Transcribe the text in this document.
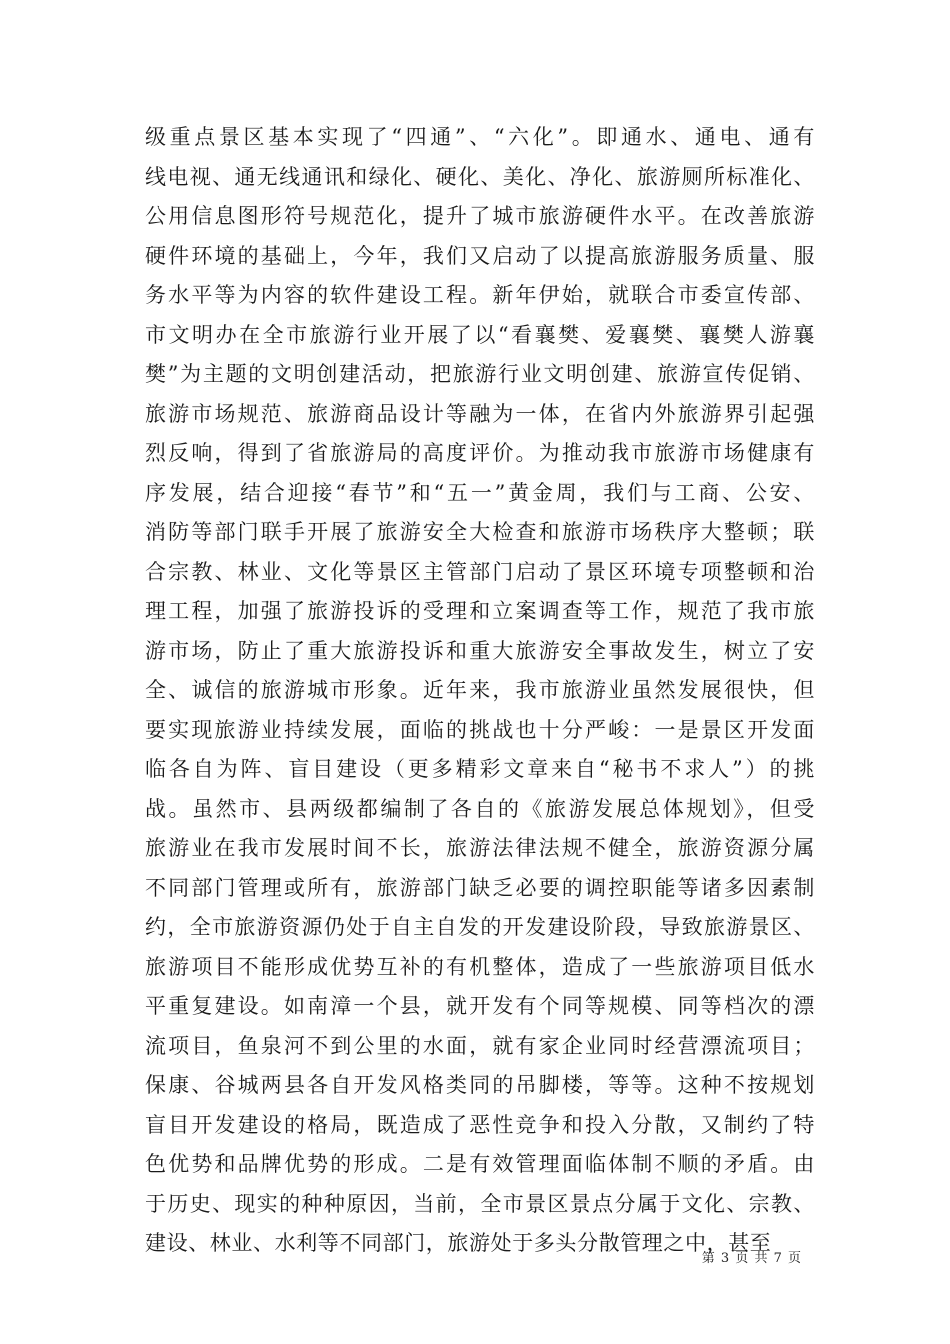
级重点景区基本实现了“四通”、“六化”。即通水、通电、通有
线电视、通无线通讯和绿化、硬化、美化、净化、旅游厕所标准化、
公用信息图形符号规范化，提升了城市旅游硬件水平。在改善旅游
硬件环境的基础上，今年，我们又启动了以提高旅游服务质量、服
务水平等为内容的软件建设工程。新年伊始，就联合市委宣传部、
市文明办在全市旅游行业开展了以“看襄樊、爱襄樊、襄樊人游襄
樊”为主题的文明创建活动，把旅游行业文明创建、旅游宣传促销、
旅游市场规范、旅游商品设计等融为一体，在省内外旅游界引起强
烈反响，得到了省旅游局的高度评价。为推动我市旅游市场健康有
序发展，结合迎接“春节”和“五一”黄金周，我们与工商、公安、
消防等部门联手开展了旅游安全大检查和旅游市场秩序大整顿；联
合宗教、林业、文化等景区主管部门启动了景区环境专项整顿和治
理工程，加强了旅游投诉的受理和立案调查等工作，规范了我市旅
游市场，防止了重大旅游投诉和重大旅游安全事故发生，树立了安
全、诚信的旅游城市形象。近年来，我市旅游业虽然发展很快，但
要实现旅游业持续发展，面临的挑战也十分严峻：一是景区开发面
临各自为阵、盲目建设（更多精彩文章来自“秘书不求人”）的挑
战。虽然市、县两级都编制了各自的《旅游发展总体规划》，但受
旅游业在我市发展时间不长，旅游法律法规不健全，旅游资源分属
不同部门管理或所有，旅游部门缺乏必要的调控职能等诸多因素制
约，全市旅游资源仍处于自主自发的开发建设阶段，导致旅游景区、
旅游项目不能形成优势互补的有机整体，造成了一些旅游项目低水
平重复建设。如南漳一个县，就开发有个同等规模、同等档次的漂
流项目，鱼泉河不到公里的水面，就有家企业同时经营漂流项目；
保康、谷城两县各自开发风格类同的吊脚楼，等等。这种不按规划
盲目开发建设的格局，既造成了恶性竞争和投入分散，又制约了特
色优势和品牌优势的形成。二是有效管理面临体制不顺的矛盾。由
于历史、现实的种种原因，当前，全市景区景点分属于文化、宗教、
建设、林业、水利等不同部门，旅游处于多头分散管理之中，甚至
第 3 页 共 7 页
